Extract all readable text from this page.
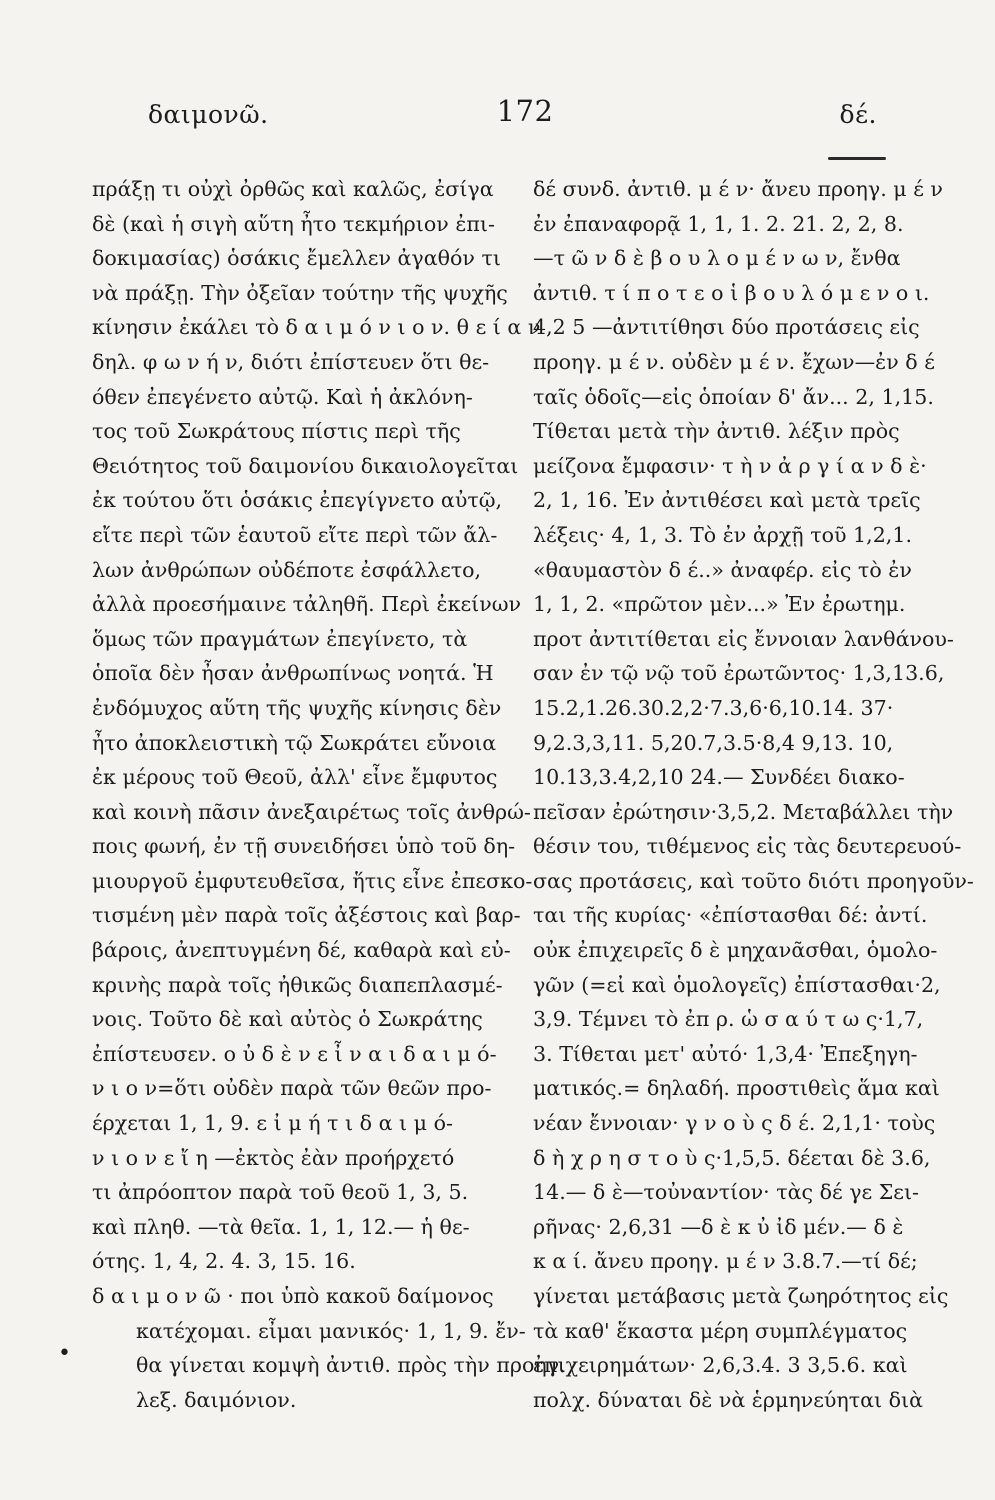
δαιμονῶ.	172	δέ.
πράξῃ τι οὐχὶ ὀρθῶς καὶ καλῶς, ἐσίγα
δὲ (καὶ ἡ σιγὴ αὕτη ἦτο τεκμήριον ἐπι-
δοκιμασίας) ὁσάκις ἔμελλεν ἀγαθόν τι
νὰ πράξῃ. Τὴν ὀξεῖαν τούτην τῆς ψυχῆς
κίνησιν ἐκάλει τὸ δ α ι μ ό ν ι ο ν. θ ε ί α ν
δηλ. φ ω ν ή ν, διότι ἐπίστευεν ὅτι θε-
όθεν ἐπεγένετο αὐτῷ. Καὶ ἡ ἀκλόνη-
τος τοῦ Σωκράτους πίστις περὶ τῆς
Θειότητος τοῦ δαιμονίου δικαιολογεῖται
ἐκ τούτου ὅτι ὁσάκις ἐπεγίγνετο αὐτῷ,
εἴτε περὶ τῶν ἑαυτοῦ εἴτε περὶ τῶν ἄλ-
λων ἀνθρώπων οὐδέποτε ἐσφάλλετο,
ἀλλὰ προεσήμαινε τἀληθῆ. Περὶ ἐκείνων
ὅμως τῶν πραγμάτων ἐπεγίνετο, τὰ
ὁποῖα δὲν ἦσαν ἀνθρωπίνως νοητά. Ἡ
ἐνδόμυχος αὕτη τῆς ψυχῆς κίνησις δὲν
ἦτο ἀποκλειστικὴ τῷ Σωκράτει εὔνοια
ἐκ μέρους τοῦ Θεοῦ, ἀλλ' εἶνε ἔμφυτος
καὶ κοινὴ πᾶσιν ἀνεξαιρέτως τοῖς ἀνθρώ-
ποις φωνή, ἐν τῇ συνειδήσει ὑπὸ τοῦ δη-
μιουργοῦ ἐμφυτευθεῖσα, ἥτις εἶνε ἐπεσκο-
τισμένη μὲν παρὰ τοῖς ἀξέστοις καὶ βαρ-
βάροις, ἀνεπτυγμένη δέ, καθαρὰ καὶ εὐ-
κρινὴς παρὰ τοῖς ἠθικῶς διαπεπλασμέ-
νοις. Τοῦτο δὲ καὶ αὐτὸς ὁ Σωκράτης
ἐπίστευσεν. ο ὐ δ ὲ ν ε ἶ ν α ι δ α ι μ ό-
ν ι ο ν=ὅτι οὐδὲν παρὰ τῶν θεῶν προ-
έρχεται 1, 1, 9. ε ἰ μ ή τ ι δ α ι μ ό-
ν ι ο ν ε ἴ η —ἐκτὸς ἐὰν προήρχετό
τι ἀπρόοπτον παρὰ τοῦ θεοῦ 1, 3, 5.
καὶ πληθ. —τὰ θεῖα. 1, 1, 12.— ἡ θε-
ότης. 1, 4, 2. 4. 3, 15. 16.
δ α ι μ ο ν ῶ · ποι ὑπὸ κακοῦ δαίμονος
κατέχομαι. εἶμαι μανικός· 1, 1, 9. ἔν-
θα γίνεται κομψὴ ἀντιθ. πρὸς τὴν προηγ.
λεξ. δαιμόνιον.
δέ συνδ. ἀντιθ. μ έ ν· ἄνευ προηγ. μ έ ν
ἐν ἐπαναφορᾷ 1, 1, 1. 2. 21. 2, 2, 8.
—τ ῶ ν δ ὲ β ο υ λ ο μ έ ν ω ν, ἔνθα
ἀντιθ. τ ί π ο τ ε ο ἱ β ο υ λ ό μ ε ν ο ι.
4,2 5 —ἀντιτίθησι δύο προτάσεις εἰς
προηγ. μ έ ν. οὐδὲν μ έ ν. ἔχων—ἐν δ έ
ταῖς ὁδοῖς—εἰς ὁποίαν δ' ἄν... 2, 1,15.
Τίθεται μετὰ τὴν ἀντιθ. λέξιν πρὸς
μείζονα ἔμφασιν· τ ὴ ν ἀ ρ γ ί α ν δ ὲ·
2, 1, 16. Ἐν ἀντιθέσει καὶ μετὰ τρεῖς
λέξεις· 4, 1, 3. Τὸ ἐν ἀρχῇ τοῦ 1,2,1.
«θαυμαστὸν δ έ..» ἀναφέρ. εἰς τὸ ἐν
1, 1, 2. «πρῶτον μὲν...» Ἐν ἐρωτημ.
προτ ἀντιτίθεται εἰς ἔννοιαν λανθάνου-
σαν ἐν τῷ νῷ τοῦ ἐρωτῶντος· 1,3,13.6,
15.2,1.26.30.2,2·7.3,6·6,10.14. 37·
9,2.3,3,11. 5,20.7,3.5·8,4 9,13. 10,
10.13,3.4,2,10 24.— Συνδέει διακο-
πεῖσαν ἐρώτησιν·3,5,2. Μεταβάλλει τὴν
θέσιν του, τιθέμενος εἰς τὰς δευτερευού-
σας προτάσεις, καὶ τοῦτο διότι προηγοῦν-
ται τῆς κυρίας· «ἐπίστασθαι δέ: ἀντί.
οὐκ ἐπιχειρεῖς δ ὲ μηχανᾶσθαι, ὁμολο-
γῶν (=εἰ καὶ ὁμολογεῖς) ἐπίστασθαι·2,
3,9. Τέμνει τὸ ἐπ ρ. ὡ σ α ύ τ ω ς·1,7,
3. Τίθεται μετ' αὐτό· 1,3,4· Ἐπεξηγη-
ματικός.= δηλαδή. προστιθεὶς ἅμα καὶ
νέαν ἔννοιαν· γ ν ο ὺ ς δ έ. 2,1,1· τοὺς
δ ὴ χ ρ η σ τ ο ὺ ς·1,5,5. δέεται δὲ 3.6,
14.— δ ὲ—τοὐναντίον· τὰς δέ γε Σει-
ρῆνας· 2,6,31 —δ ὲ κ ὐ ἰδ μέν.— δ ὲ
κ α ί. ἄνευ προηγ. μ έ ν 3.8.7.—τί δέ;
γίνεται μετάβασις μετὰ ζωηρότητος εἰς
τὰ καθ' ἕκαστα μέρη συμπλέγματος
ἐπιχειρημάτων· 2,6,3.4. 3 3,5.6. καὶ
πολχ. δύναται δὲ νὰ ἑρμηνεύηται διὰ
•
